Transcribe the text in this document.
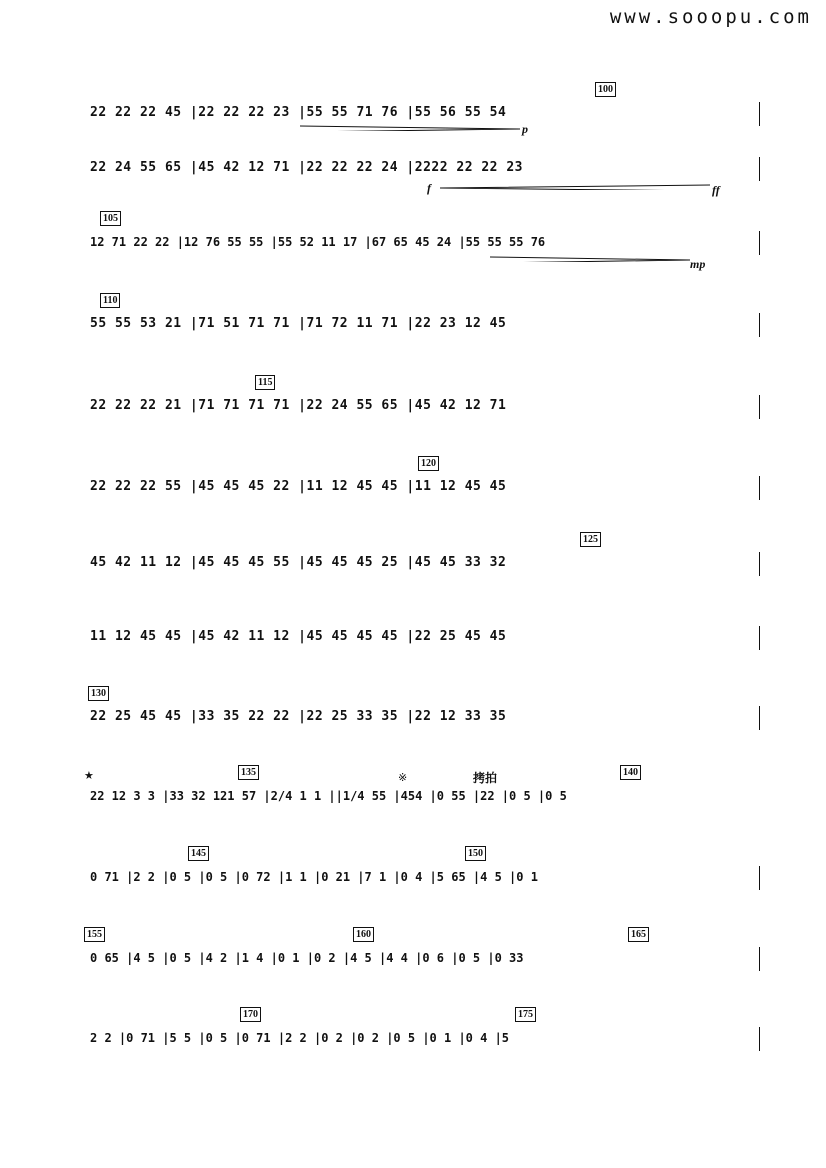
www.sooopu.com
100
22 22 22 45 |22 22 22 23 |55 55 71 76 |55 56 55 54
p
22 24 55 65 |45 42 12 71 |22 22 22 24 |2222 22 22 23
f	ff
105
12 71 22 22 |12 76 55 55 |55 52 11 17 |67 65 45 24 |55 55 55 76
mp
110
55 55 53 21 |71 51 71 71 |71 72 11 71 |22 23 12 45
115
22 22 22 21 |71 71 71 71 |22 24 55 65 |45 42 12 71
120
22 22 22 55 |45 45 45 22 |11 12 45 45 |11 12 45 45
125
45 42 11 12 |45 45 45 55 |45 45 45 25 |45 45 33 32
11 12 45 45 |45 42 11 12 |45 45 45 45 |22 25 45 45
130
22 25 45 45 |33 35 22 22 |22 25 33 35 |22 12 33 35
★	135	※	拷拍	140
22 12 3 3 |33 32 121 57 |2/4 1 1 ||1/4 55 |454 |0 55 |22 |0 5 |0 5
145	150
0 71 |2 2 |0 5 |0 5 |0 72 |1 1 |0 21 |7 1 |0 4 |5 65 |4 5 |0 1
155	160	165
0 65 |4 5 |0 5 |4 2 |1 4 |0 1 |0 2 |4 5 |4 4 |0 6 |0 5 |0 33
170	175
2 2 |0 71 |5 5 |0 5 |0 71 |2 2 |0 2 |0 2 |0 5 |0 1 |0 4 |5
